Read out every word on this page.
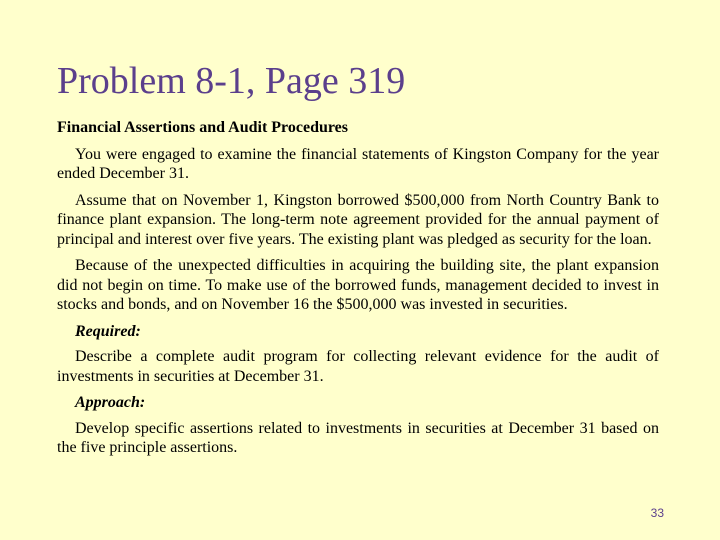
Problem 8-1, Page 319

Financial Assertions and Audit Procedures

You were engaged to examine the financial statements of Kingston Company for the year ended December 31.

Assume that on November 1, Kingston borrowed $500,000 from North Country Bank to finance plant expansion. The long-term note agreement provided for the annual payment of principal and interest over five years. The existing plant was pledged as security for the loan.

Because of the unexpected difficulties in acquiring the building site, the plant expansion did not begin on time. To make use of the borrowed funds, management decided to invest in stocks and bonds, and on November 16 the $500,000 was invested in securities.

Required:

Describe a complete audit program for collecting relevant evidence for the audit of investments in securities at December 31.

Approach:

Develop specific assertions related to investments in securities at December 31 based on the five principle assertions.

33
